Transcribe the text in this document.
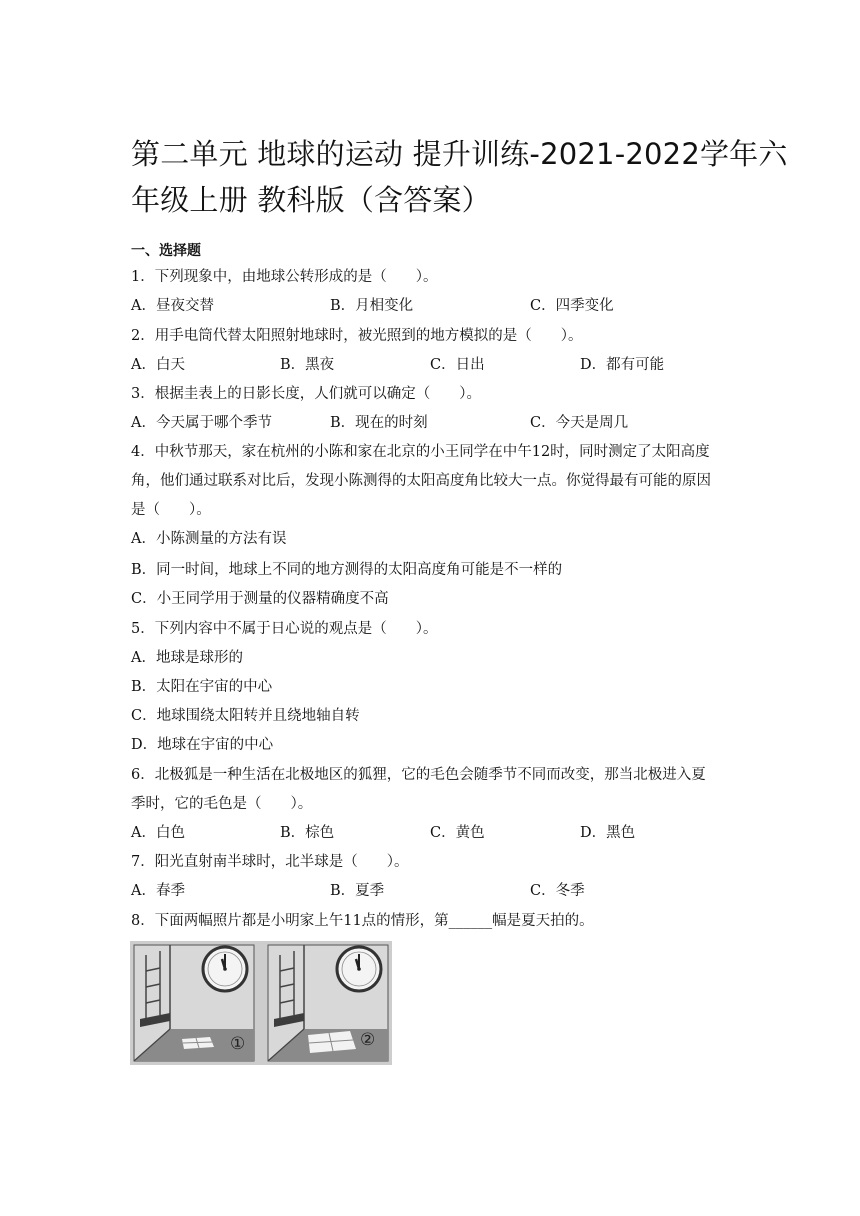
第二单元 地球的运动 提升训练-2021-2022学年六
年级上册 教科版（含答案）
一、选择题
1．下列现象中，由地球公转形成的是（　　）。
A．昼夜交替	B．月相变化	C．四季变化
2．用手电筒代替太阳照射地球时，被光照到的地方模拟的是（　　）。
A．白天	B．黑夜	C．日出	D．都有可能
3．根据圭表上的日影长度，人们就可以确定（　　）。
A．今天属于哪个季节	B．现在的时刻	C．今天是周几
4．中秋节那天，家在杭州的小陈和家在北京的小王同学在中午12时，同时测定了太阳高度
角，他们通过联系对比后，发现小陈测得的太阳高度角比较大一点。你觉得最有可能的原因
是（　　）。
A．小陈测量的方法有误
B．同一时间，地球上不同的地方测得的太阳高度角可能是不一样的
C．小王同学用于测量的仪器精确度不高
5．下列内容中不属于日心说的观点是（　　）。
A．地球是球形的
B．太阳在宇宙的中心
C．地球围绕太阳转并且绕地轴自转
D．地球在宇宙的中心
6．北极狐是一种生活在北极地区的狐狸，它的毛色会随季节不同而改变，那当北极进入夏
季时，它的毛色是（　　）。
A．白色	B．棕色	C．黄色	D．黑色
7．阳光直射南半球时，北半球是（　　）。
A．春季	B．夏季	C．冬季
8．下面两幅照片都是小明家上午11点的情形，第______幅是夏天拍的。
①	②
